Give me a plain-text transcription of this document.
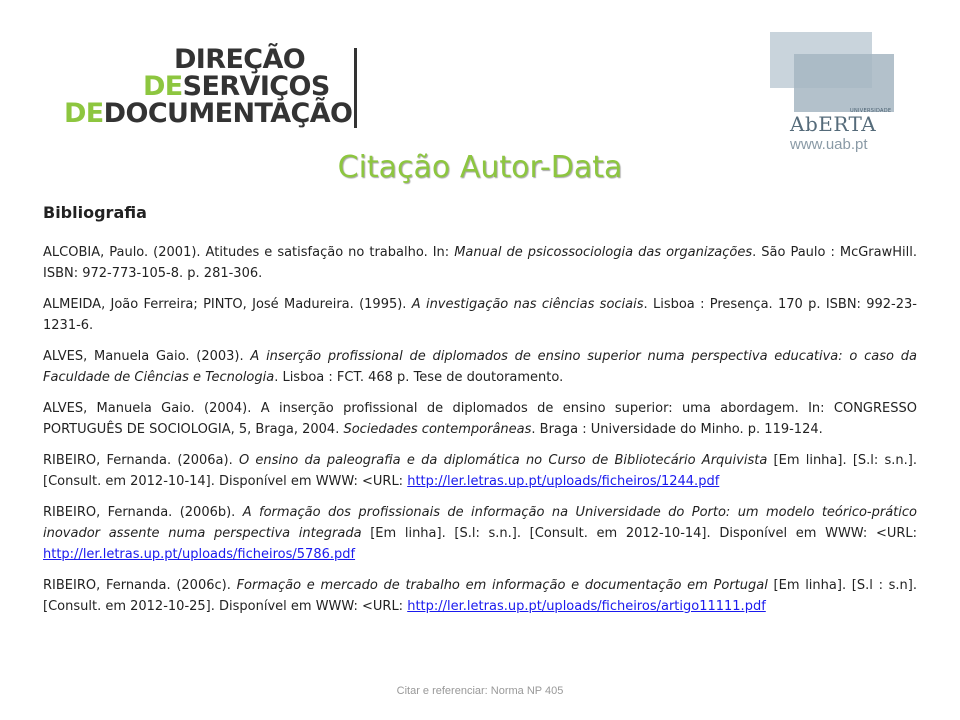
DIREÇÃO
DESERVIÇOS
DEDOCUMENTAÇÃO	UNIVERSIDADE
AbERTA
www.uab.pt
Citação Autor-Data
Bibliografia

ALCOBIA, Paulo. (2001). Atitudes e satisfação no trabalho. In: Manual de psicossociologia das organizações. São Paulo : McGrawHill. ISBN: 972-773-105-8. p. 281-306.

ALMEIDA, João Ferreira; PINTO, José Madureira. (1995). A investigação nas ciências sociais. Lisboa : Presença. 170 p. ISBN: 992-23-1231-6.

ALVES, Manuela Gaio. (2003). A inserção profissional de diplomados de ensino superior numa perspectiva educativa: o caso da Faculdade de Ciências e Tecnologia. Lisboa : FCT. 468 p. Tese de doutoramento.

ALVES, Manuela Gaio. (2004). A inserção profissional de diplomados de ensino superior: uma abordagem. In: CONGRESSO PORTUGUÊS DE SOCIOLOGIA, 5, Braga, 2004. Sociedades contemporâneas. Braga : Universidade do Minho. p. 119-124.

RIBEIRO, Fernanda. (2006a). O ensino da paleografia e da diplomática no Curso de Bibliotecário Arquivista [Em linha]. [S.l: s.n.]. [Consult. em 2012-10-14]. Disponível em WWW: <URL: http://ler.letras.up.pt/uploads/ficheiros/1244.pdf

RIBEIRO, Fernanda. (2006b). A formação dos profissionais de informação na Universidade do Porto: um modelo teórico-prático inovador assente numa perspectiva integrada [Em linha]. [S.l: s.n.]. [Consult. em 2012-10-14]. Disponível em WWW: <URL: http://ler.letras.up.pt/uploads/ficheiros/5786.pdf

RIBEIRO, Fernanda. (2006c). Formação e mercado de trabalho em informação e documentação em Portugal [Em linha]. [S.l : s.n]. [Consult. em 2012-10-25]. Disponível em WWW: <URL: http://ler.letras.up.pt/uploads/ficheiros/artigo11111.pdf

Citar e referenciar: Norma NP 405
